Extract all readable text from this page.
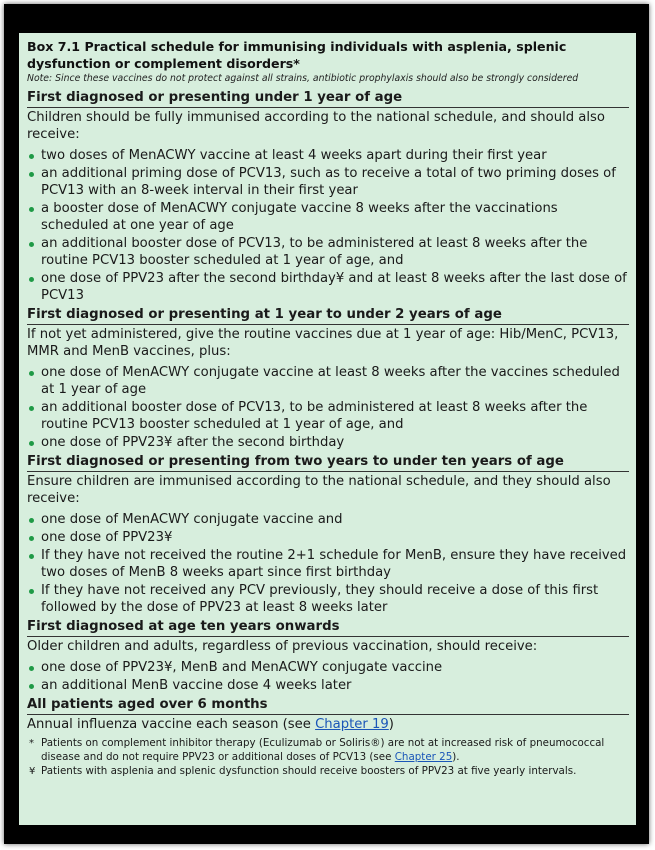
Box 7.1 Practical schedule for immunising individuals with asplenia, splenic dysfunction or complement disorders*
Note: Since these vaccines do not protect against all strains, antibiotic prophylaxis should also be strongly considered
First diagnosed or presenting under 1 year of age
Children should be fully immunised according to the national schedule, and should also receive:
two doses of MenACWY vaccine at least 4 weeks apart during their first year
an additional priming dose of PCV13, such as to receive a total of two priming doses of PCV13 with an 8-week interval in their first year
a booster dose of MenACWY conjugate vaccine 8 weeks after the vaccinations scheduled at one year of age
an additional booster dose of PCV13, to be administered at least 8 weeks after the routine PCV13 booster scheduled at 1 year of age, and
one dose of PPV23 after the second birthday¥ and at least 8 weeks after the last dose of PCV13
First diagnosed or presenting at 1 year to under 2 years of age
If not yet administered, give the routine vaccines due at 1 year of age: Hib/MenC, PCV13, MMR and MenB vaccines, plus:
one dose of MenACWY conjugate vaccine at least 8 weeks after the vaccines scheduled at 1 year of age
an additional booster dose of PCV13, to be administered at least 8 weeks after the routine PCV13 booster scheduled at 1 year of age, and
one dose of PPV23¥ after the second birthday
First diagnosed or presenting from two years to under ten years of age
Ensure children are immunised according to the national schedule, and they should also receive:
one dose of MenACWY conjugate vaccine and
one dose of PPV23¥
If they have not received the routine 2+1 schedule for MenB, ensure they have received two doses of MenB 8 weeks apart since first birthday
If they have not received any PCV previously, they should receive a dose of this first followed by the dose of PPV23 at least 8 weeks later
First diagnosed at age ten years onwards
Older children and adults, regardless of previous vaccination, should receive:
one dose of PPV23¥, MenB and MenACWY conjugate vaccine
an additional MenB vaccine dose 4 weeks later
All patients aged over 6 months
Annual influenza vaccine each season (see Chapter 19)
* Patients on complement inhibitor therapy (Eculizumab or Soliris®) are not at increased risk of pneumococcal disease and do not require PPV23 or additional doses of PCV13 (see Chapter 25).
¥ Patients with asplenia and splenic dysfunction should receive boosters of PPV23 at five yearly intervals.
